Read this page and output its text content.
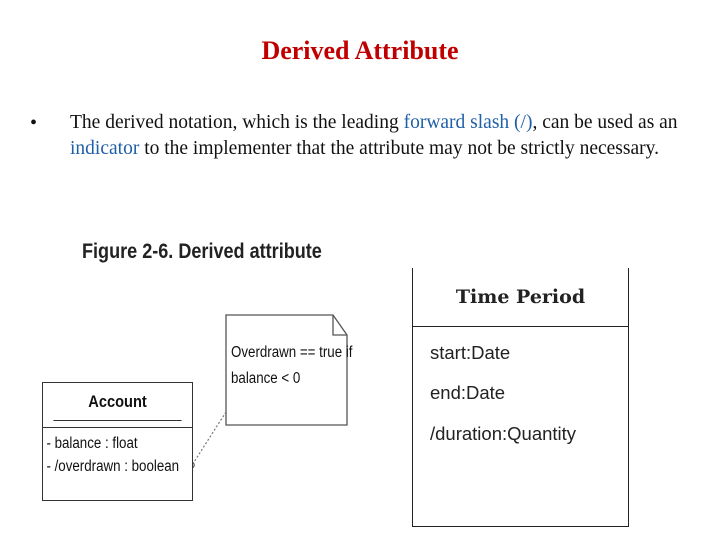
Derived Attribute
•	The derived notation, which is the leading forward slash (/), can be used as an indicator to the implementer that the attribute may not be strictly necessary.
Figure 2-6. Derived attribute
Overdrawn == true if
balance < 0
Account
- balance : float
- /overdrawn : boolean
Time Period
start:Date
end:Date
/duration:Quantity
